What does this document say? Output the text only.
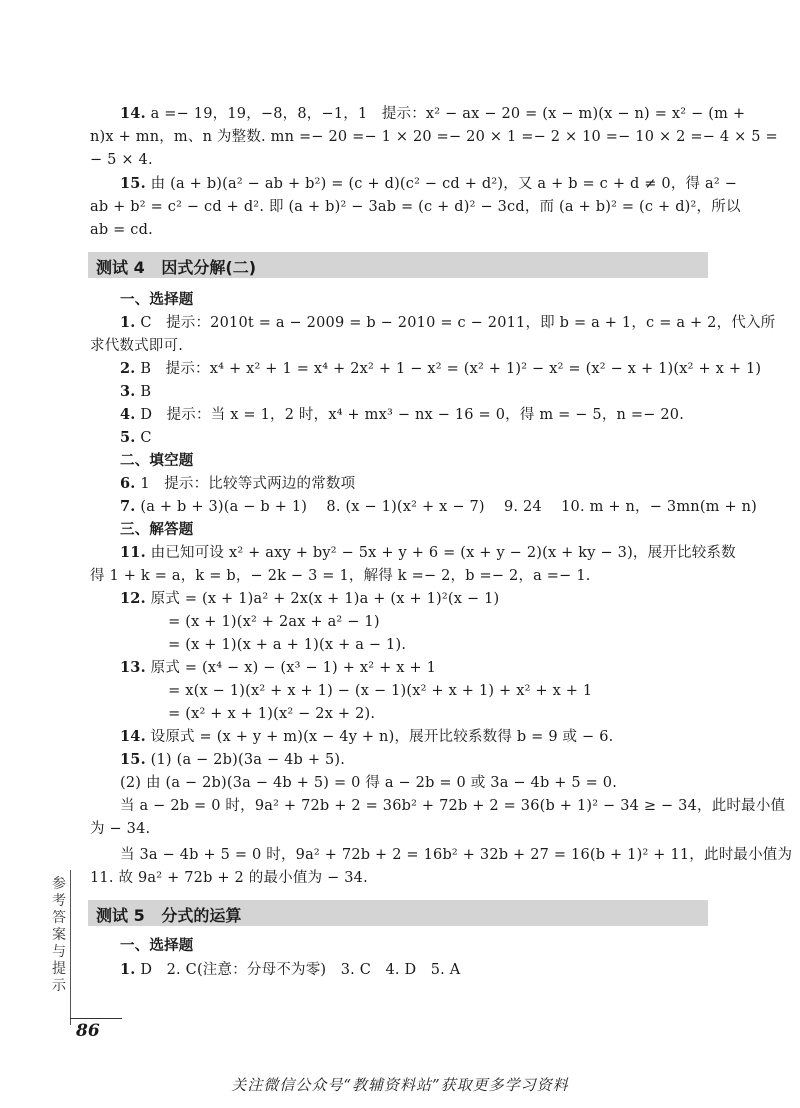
14. a =− 19，19，−8，8，−1，1   提示：x² − ax − 20 = (x − m)(x − n) = x² − (m +
n)x + mn，m、n 为整数. mn =− 20 =− 1 × 20 =− 20 × 1 =− 2 × 10 =− 10 × 2 =− 4 × 5 =
− 5 × 4.
15. 由 (a + b)(a² − ab + b²) = (c + d)(c² − cd + d²)，又 a + b = c + d ≠ 0，得 a² −
ab + b² = c² − cd + d². 即 (a + b)² − 3ab = (c + d)² − 3cd，而 (a + b)² = (c + d)²，所以
ab = cd.
测试 4   因式分解(二)
一、选择题
1. C   提示：2010t = a − 2009 = b − 2010 = c − 2011，即 b = a + 1，c = a + 2，代入所
求代数式即可.
2. B   提示：x⁴ + x² + 1 = x⁴ + 2x² + 1 − x² = (x² + 1)² − x² = (x² − x + 1)(x² + x + 1)
3. B
4. D   提示：当 x = 1，2 时，x⁴ + mx³ − nx − 16 = 0，得 m = − 5，n =− 20.
5. C
二、填空题
6. 1   提示：比较等式两边的常数项
7. (a + b + 3)(a − b + 1)    8. (x − 1)(x² + x − 7)    9. 24    10. m + n，− 3mn(m + n)
三、解答题
11. 由已知可设 x² + axy + by² − 5x + y + 6 = (x + y − 2)(x + ky − 3)，展开比较系数
得 1 + k = a，k = b，− 2k − 3 = 1，解得 k =− 2，b =− 2，a =− 1.
12. 原式 = (x + 1)a² + 2x(x + 1)a + (x + 1)²(x − 1)
= (x + 1)(x² + 2ax + a² − 1)
= (x + 1)(x + a + 1)(x + a − 1).
13. 原式 = (x⁴ − x) − (x³ − 1) + x² + x + 1
= x(x − 1)(x² + x + 1) − (x − 1)(x² + x + 1) + x² + x + 1
= (x² + x + 1)(x² − 2x + 2).
14. 设原式 = (x + y + m)(x − 4y + n)，展开比较系数得 b = 9 或 − 6.
15. (1) (a − 2b)(3a − 4b + 5).
(2) 由 (a − 2b)(3a − 4b + 5) = 0 得 a − 2b = 0 或 3a − 4b + 5 = 0.
当 a − 2b = 0 时，9a² + 72b + 2 = 36b² + 72b + 2 = 36(b + 1)² − 34 ≥ − 34，此时最小值
为 − 34.
当 3a − 4b + 5 = 0 时，9a² + 72b + 2 = 16b² + 32b + 27 = 16(b + 1)² + 11，此时最小值为
11. 故 9a² + 72b + 2 的最小值为 − 34.
测试 5   分式的运算
一、选择题
1. D   2. C(注意：分母不为零)   3. C   4. D   5. A
参考答案与提示
86
关注微信公众号“教辅资料站”获取更多学习资料
